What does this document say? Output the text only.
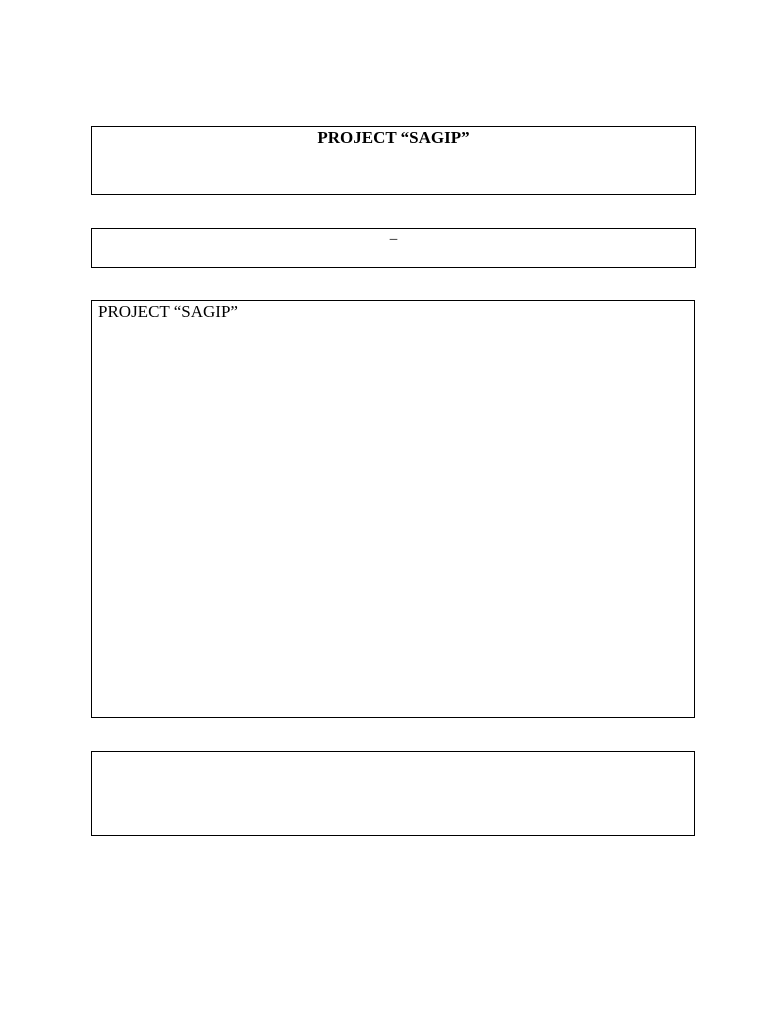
PROJECT “SAGIP”
–
PROJECT “SAGIP”
